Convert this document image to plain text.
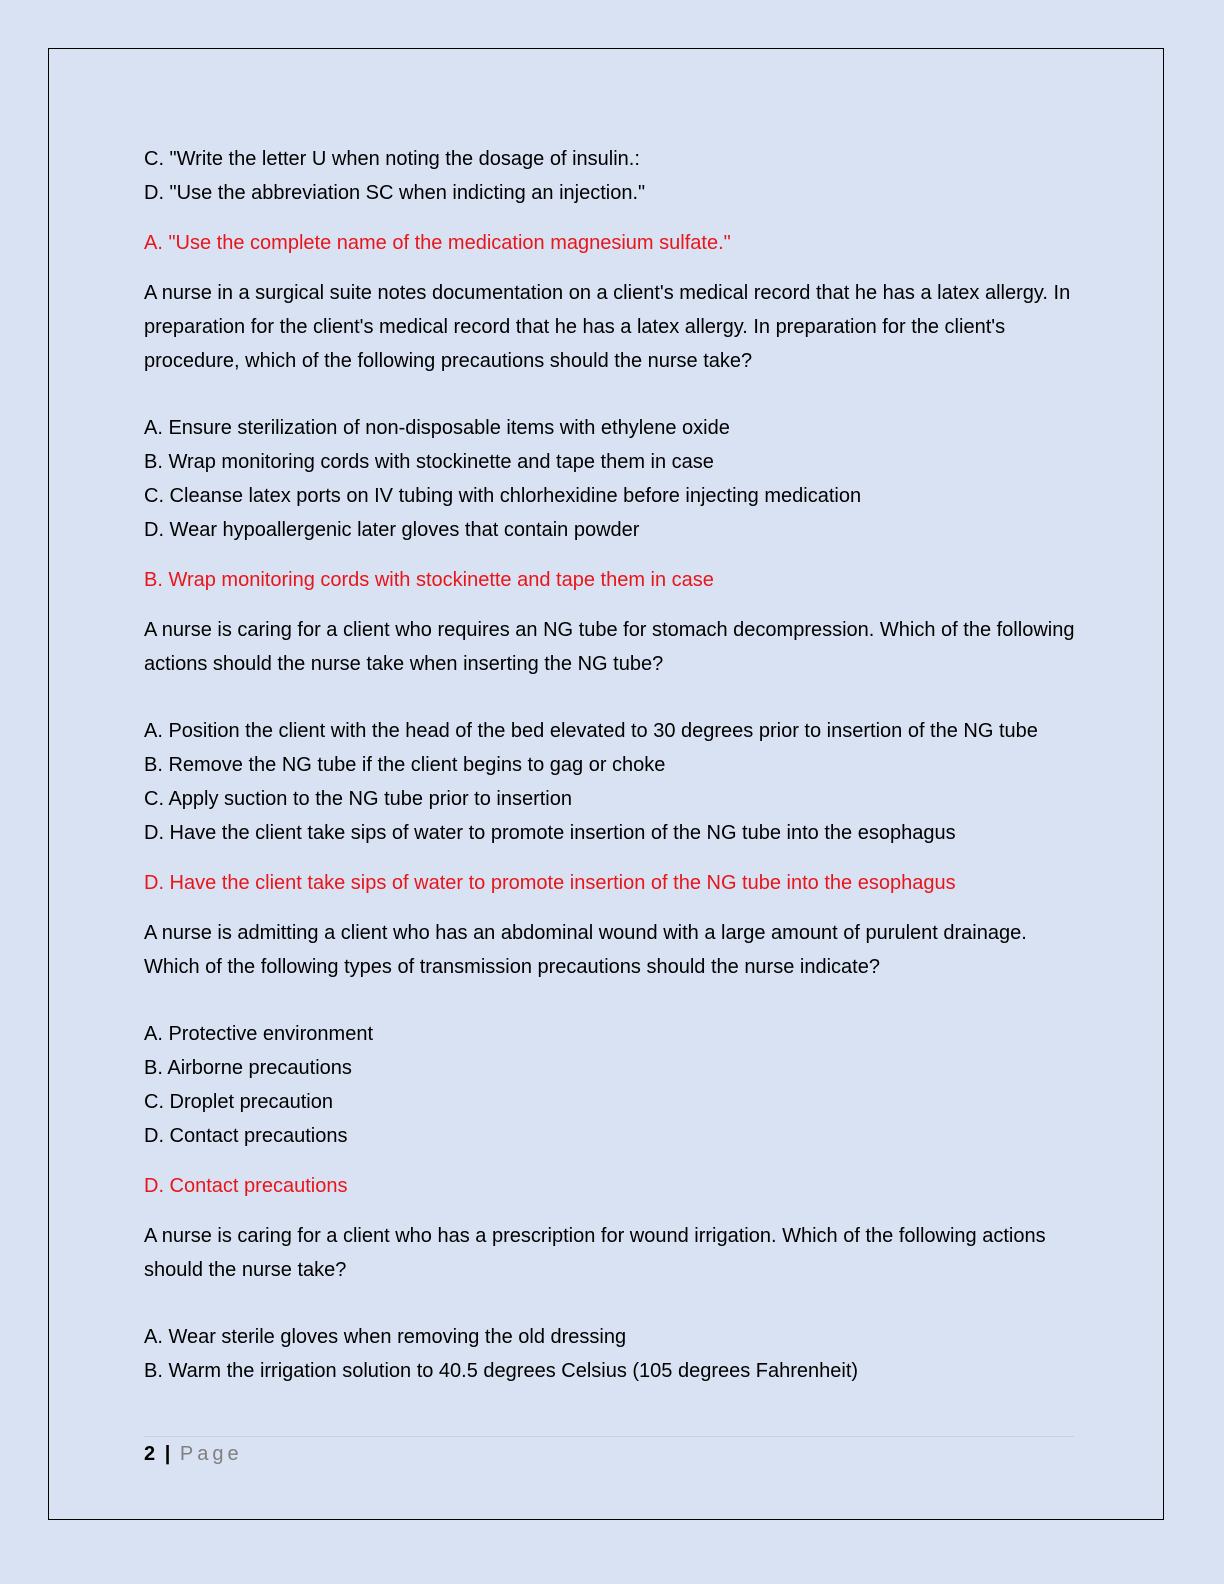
C. "Write the letter U when noting the dosage of insulin.:

D. "Use the abbreviation SC when indicting an injection."

A. "Use the complete name of the medication magnesium sulfate."

A nurse in a surgical suite notes documentation on a client's medical record that he has a latex allergy. In preparation for the client's medical record that he has a latex allergy. In preparation for the client's procedure, which of the following precautions should the nurse take?

A. Ensure sterilization of non-disposable items with ethylene oxide

B. Wrap monitoring cords with stockinette and tape them in case

C. Cleanse latex ports on IV tubing with chlorhexidine before injecting medication

D. Wear hypoallergenic later gloves that contain powder

B. Wrap monitoring cords with stockinette and tape them in case

A nurse is caring for a client who requires an NG tube for stomach decompression. Which of the following actions should the nurse take when inserting the NG tube?

A. Position the client with the head of the bed elevated to 30 degrees prior to insertion of the NG tube

B. Remove the NG tube if the client begins to gag or choke

C. Apply suction to the NG tube prior to insertion

D. Have the client take sips of water to promote insertion of the NG tube into the esophagus

D. Have the client take sips of water to promote insertion of the NG tube into the esophagus

A nurse is admitting a client who has an abdominal wound with a large amount of purulent drainage. Which of the following types of transmission precautions should the nurse indicate?

A. Protective environment

B. Airborne precautions

C. Droplet precaution

D. Contact precautions

D. Contact precautions

A nurse is caring for a client who has a prescription for wound irrigation. Which of the following actions should the nurse take?

A. Wear sterile gloves when removing the old dressing

B. Warm the irrigation solution to 40.5 degrees Celsius (105 degrees Fahrenheit)

2 | Page
